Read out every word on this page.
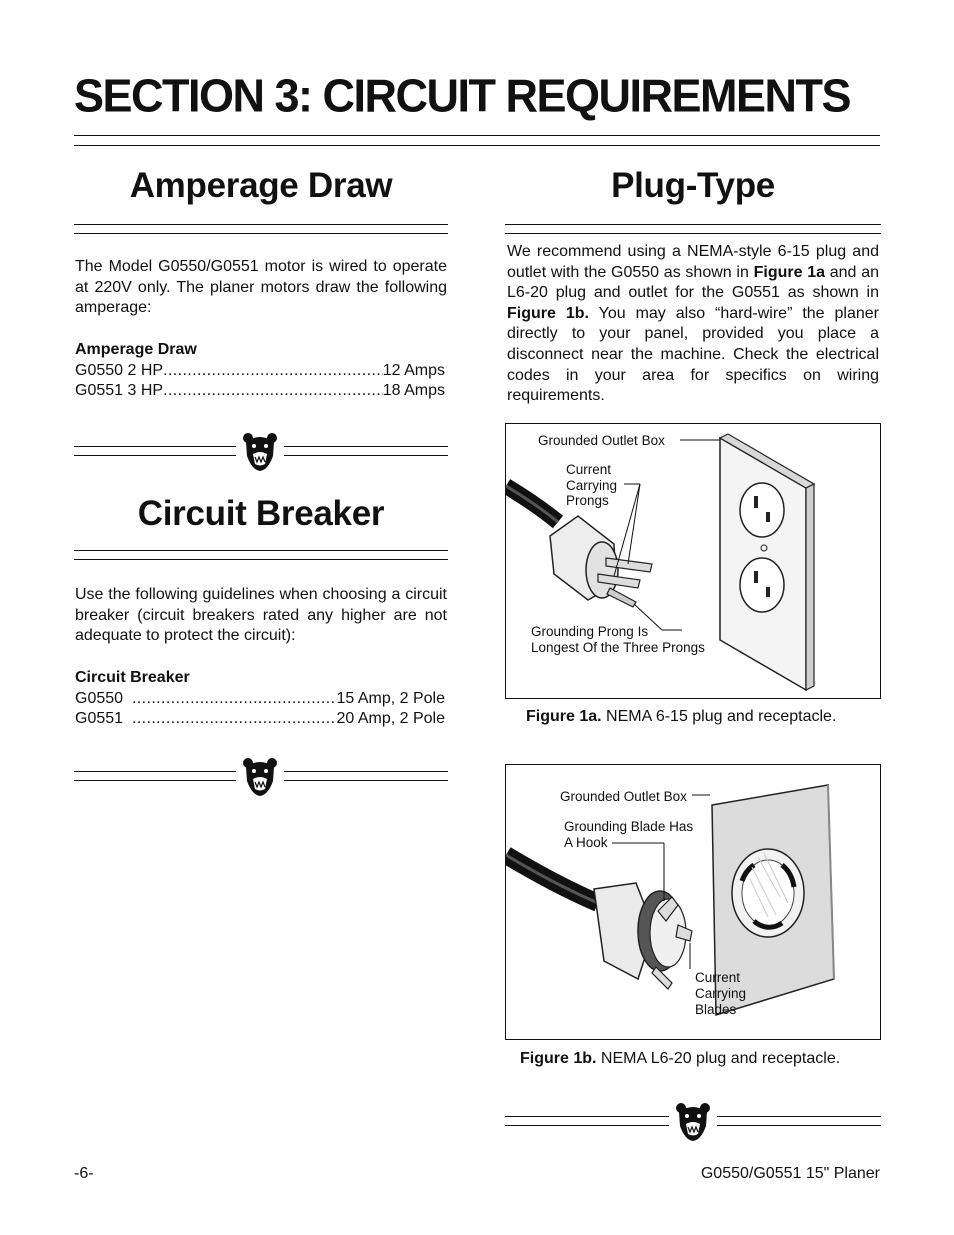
SECTION 3: CIRCUIT REQUIREMENTS
Amperage Draw

The Model G0550/G0551 motor is wired to operate at 220V only. The planer motors draw the following amperage:

Amperage Draw
G0550 2 HP .....	12 Amps
G0551 3 HP .....	18 Amps
Circuit Breaker

Use the following guidelines when choosing a circuit breaker (circuit breakers rated any higher are not adequate to protect the circuit):

Circuit Breaker
G0550 .....	15 Amp, 2 Pole
G0551 .....	20 Amp, 2 Pole
Plug-Type

We recommend using a NEMA-style 6-15 plug and outlet with the G0550 as shown in Figure 1a and an L6-20 plug and outlet for the G0551 as shown in Figure 1b. You may also “hard-wire” the planer directly to your panel, provided you place a disconnect near the machine. Check the electrical codes in your area for specifics on wiring requirements.

Grounded Outlet Box
Current
Carrying
Prongs
Grounding Prong Is
Longest Of the Three Prongs
Figure 1a. NEMA 6-15 plug and receptacle.
Grounded Outlet Box
Grounding Blade Has
A Hook
Current
Carrying
Blades
Figure 1b. NEMA L6-20 plug and receptacle.
-6-	G0550/G0551 15" Planer
